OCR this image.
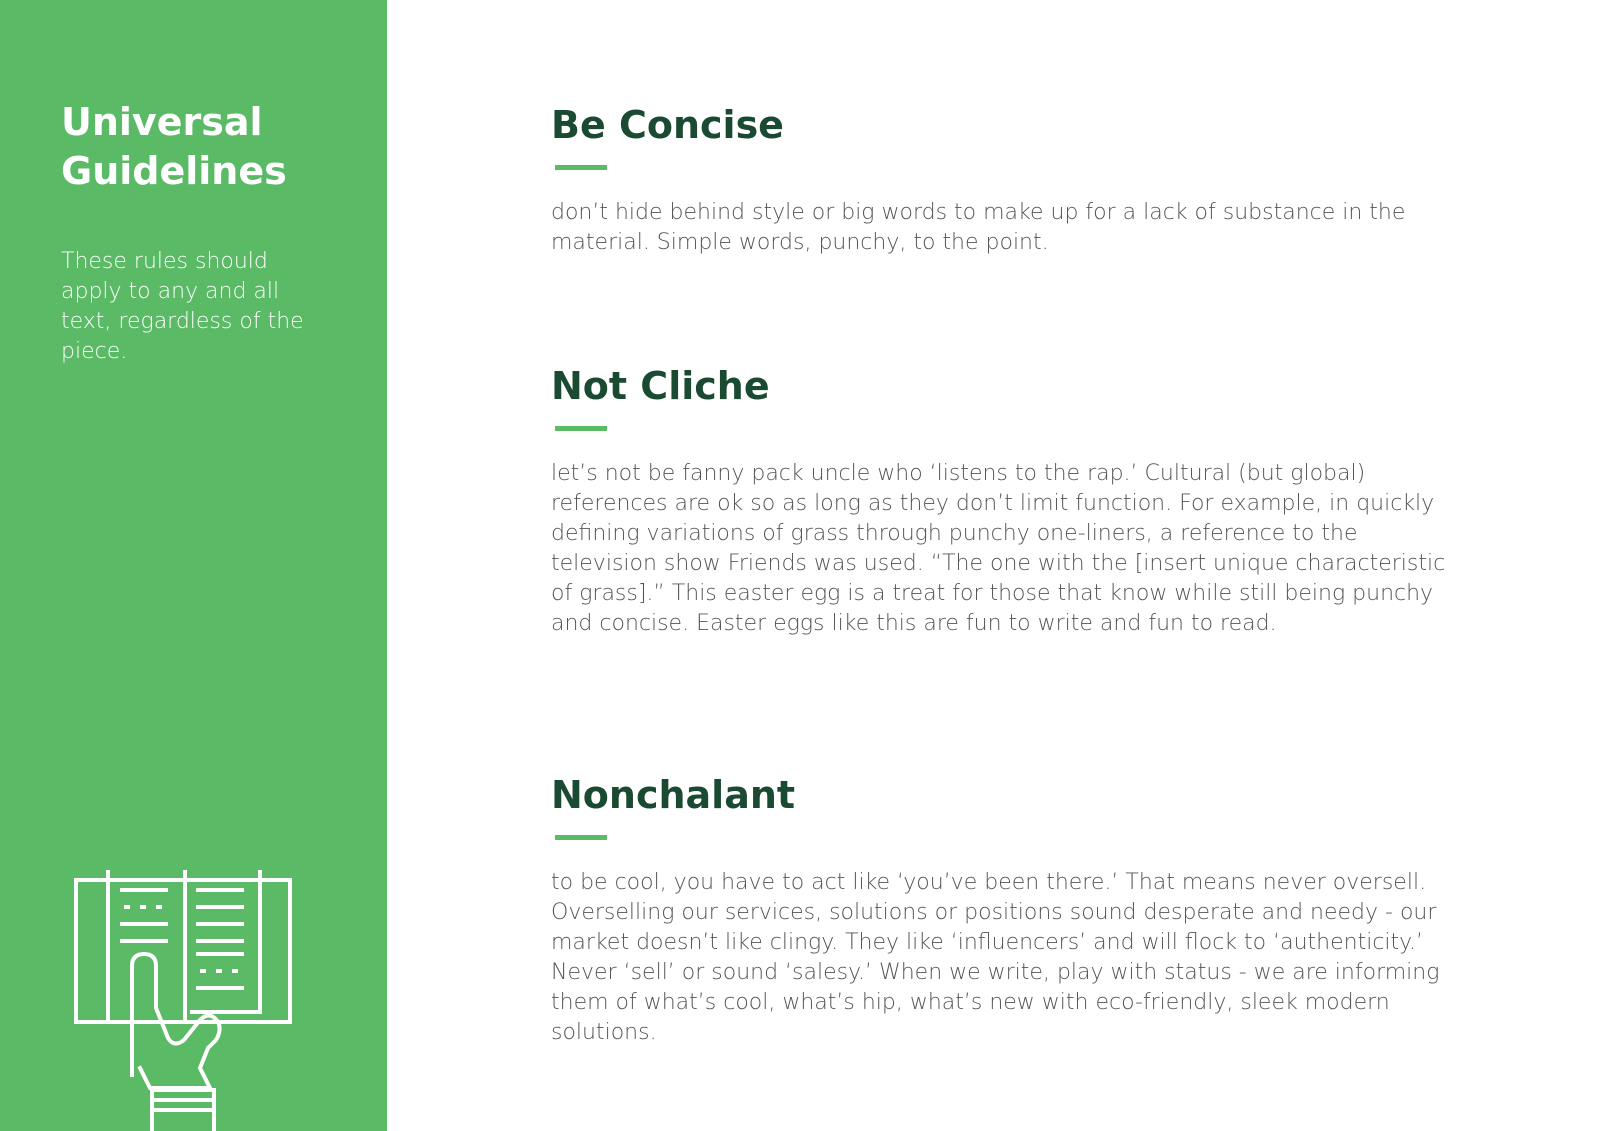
Universal
Guidelines

These rules should apply to any and all text, regardless of the piece.

Be Concise

don’t hide behind style or big words to make up for a lack of substance in the material. Simple words, punchy, to the point.

Not Cliche

let’s not be fanny pack uncle who ‘listens to the rap.’ Cultural (but global) references are ok so as long as they don’t limit function. For example, in quickly defining variations of grass through punchy one-liners, a reference to the television show Friends was used. “The one with the [insert unique characteristic of grass].” This easter egg is a treat for those that know while still being punchy and concise. Easter eggs like this are fun to write and fun to read.

Nonchalant

to be cool, you have to act like ‘you’ve been there.’ That means never oversell. Overselling our services, solutions or positions sound desperate and needy - our market doesn’t like clingy. They like ‘influencers’ and will flock to ‘authenticity.’ Never ‘sell’ or sound ‘salesy.’ When we write, play with status - we are informing them of what’s cool, what’s hip, what’s new with eco-friendly, sleek modern solutions.
